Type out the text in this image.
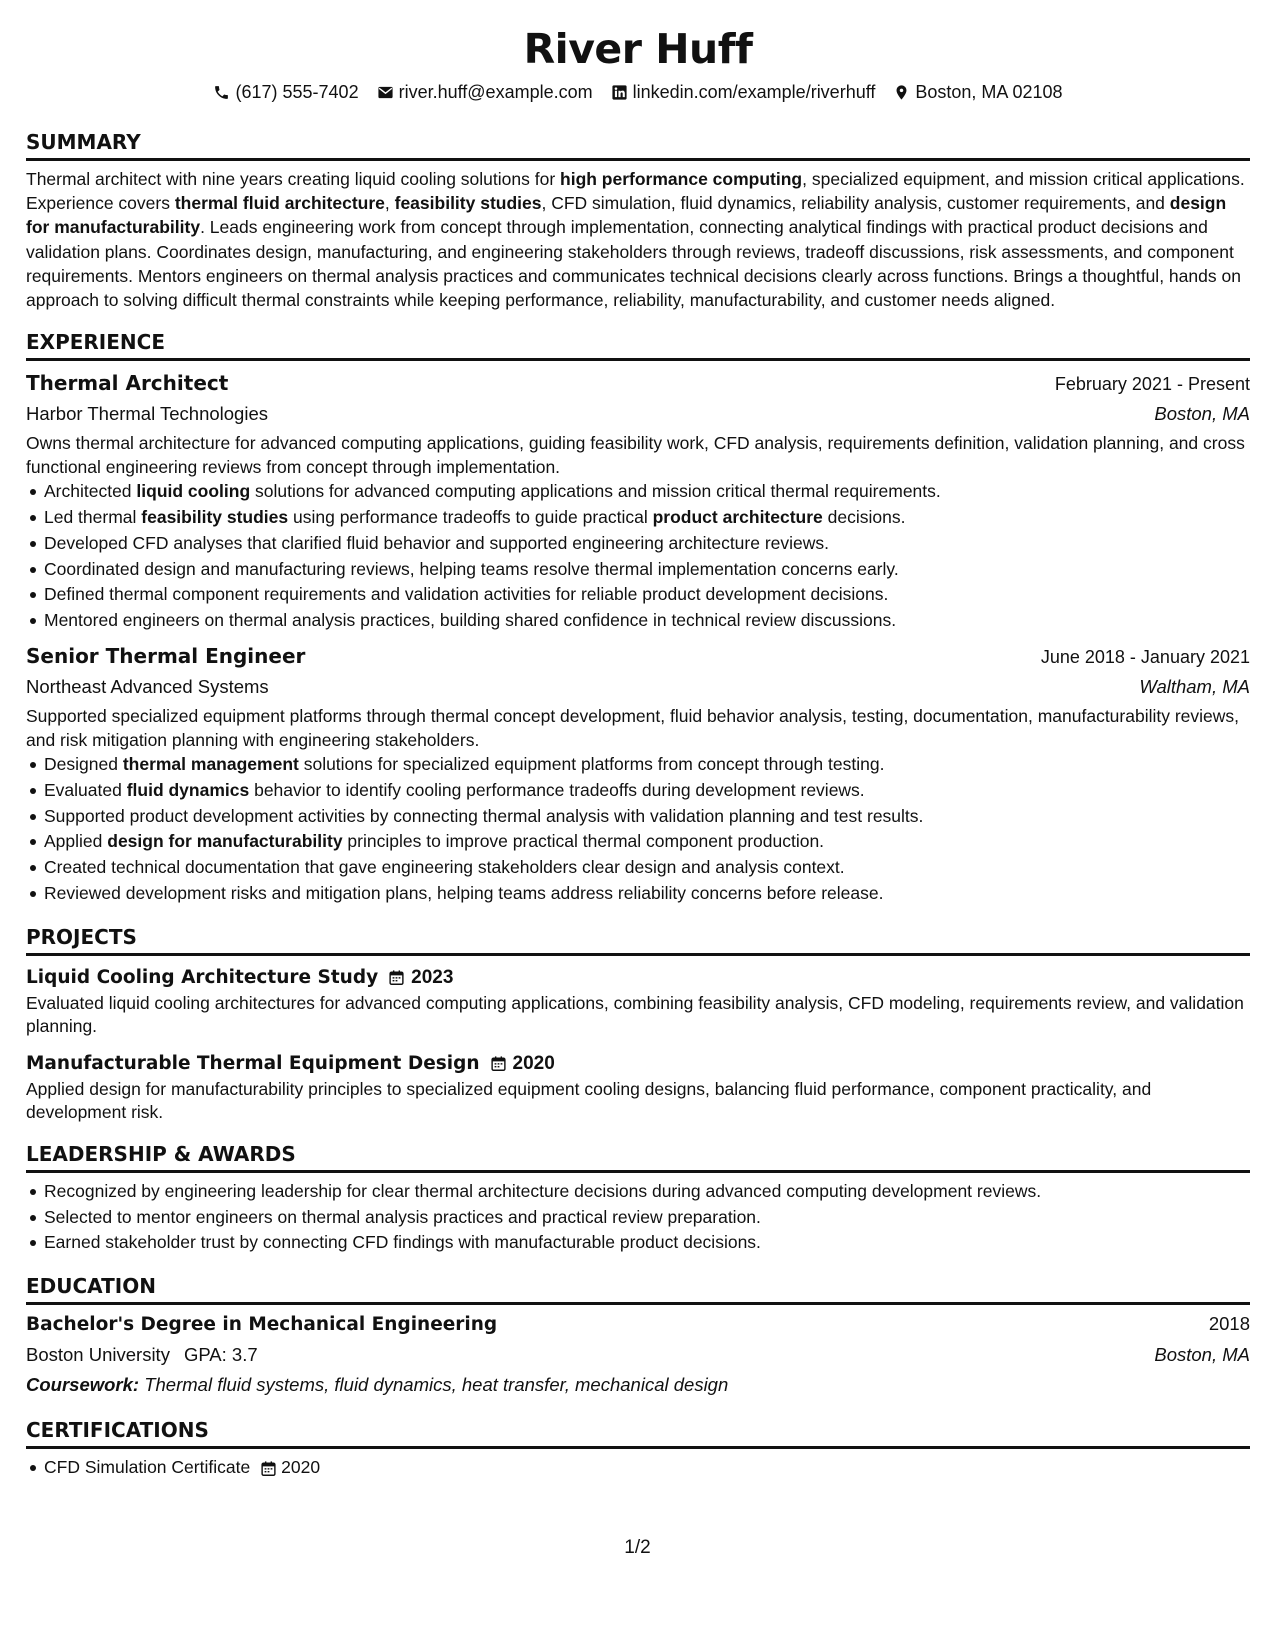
River Huff
(617) 555-7402 river.huff@example.com linkedin.com/example/riverhuff Boston, MA 02108
SUMMARY
Thermal architect with nine years creating liquid cooling solutions for high performance computing, specialized equipment, and mission critical applications. Experience covers thermal fluid architecture, feasibility studies, CFD simulation, fluid dynamics, reliability analysis, customer requirements, and design for manufacturability. Leads engineering work from concept through implementation, connecting analytical findings with practical product decisions and validation plans. Coordinates design, manufacturing, and engineering stakeholders through reviews, tradeoff discussions, risk assessments, and component requirements. Mentors engineers on thermal analysis practices and communicates technical decisions clearly across functions. Brings a thoughtful, hands on approach to solving difficult thermal constraints while keeping performance, reliability, manufacturability, and customer needs aligned.
EXPERIENCE
Thermal Architect	February 2021 - Present
Harbor Thermal Technologies	Boston, MA
Owns thermal architecture for advanced computing applications, guiding feasibility work, CFD analysis, requirements definition, validation planning, and cross functional engineering reviews from concept through implementation.
Architected liquid cooling solutions for advanced computing applications and mission critical thermal requirements.
Led thermal feasibility studies using performance tradeoffs to guide practical product architecture decisions.
Developed CFD analyses that clarified fluid behavior and supported engineering architecture reviews.
Coordinated design and manufacturing reviews, helping teams resolve thermal implementation concerns early.
Defined thermal component requirements and validation activities for reliable product development decisions.
Mentored engineers on thermal analysis practices, building shared confidence in technical review discussions.
Senior Thermal Engineer	June 2018 - January 2021
Northeast Advanced Systems	Waltham, MA
Supported specialized equipment platforms through thermal concept development, fluid behavior analysis, testing, documentation, manufacturability reviews, and risk mitigation planning with engineering stakeholders.
Designed thermal management solutions for specialized equipment platforms from concept through testing.
Evaluated fluid dynamics behavior to identify cooling performance tradeoffs during development reviews.
Supported product development activities by connecting thermal analysis with validation planning and test results.
Applied design for manufacturability principles to improve practical thermal component production.
Created technical documentation that gave engineering stakeholders clear design and analysis context.
Reviewed development risks and mitigation plans, helping teams address reliability concerns before release.
PROJECTS
Liquid Cooling Architecture Study 2023
Evaluated liquid cooling architectures for advanced computing applications, combining feasibility analysis, CFD modeling, requirements review, and validation planning.
Manufacturable Thermal Equipment Design 2020
Applied design for manufacturability principles to specialized equipment cooling designs, balancing fluid performance, component practicality, and development risk.
LEADERSHIP & AWARDS
Recognized by engineering leadership for clear thermal architecture decisions during advanced computing development reviews.
Selected to mentor engineers on thermal analysis practices and practical review preparation.
Earned stakeholder trust by connecting CFD findings with manufacturable product decisions.
EDUCATION
Bachelor's Degree in Mechanical Engineering	2018
Boston University GPA: 3.7	Boston, MA
Coursework: Thermal fluid systems, fluid dynamics, heat transfer, mechanical design
CERTIFICATIONS
CFD Simulation Certificate 2020
1/2
